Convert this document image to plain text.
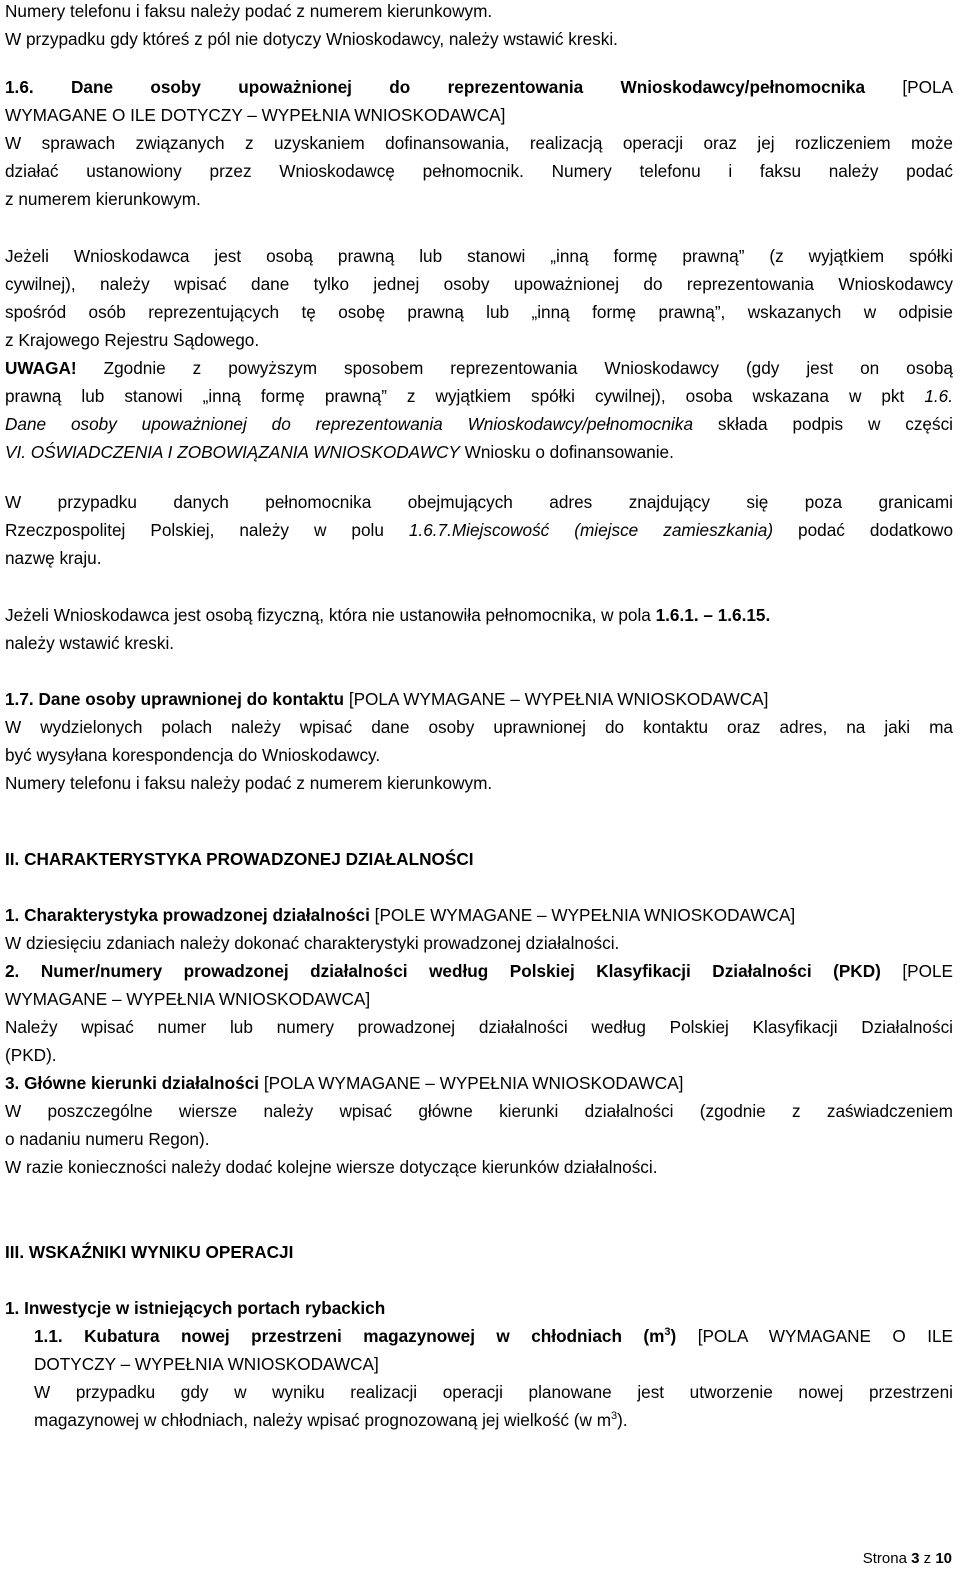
Numery telefonu i faksu należy podać z numerem kierunkowym.
W przypadku gdy któreś z pól nie dotyczy Wnioskodawcy, należy wstawić kreski.
1.6. Dane osoby upoważnionej do reprezentowania Wnioskodawcy/pełnomocnika [POLA
WYMAGANE O ILE DOTYCZY – WYPEŁNIA WNIOSKODAWCA]
W sprawach związanych z uzyskaniem dofinansowania, realizacją operacji oraz jej rozliczeniem może
działać ustanowiony przez Wnioskodawcę pełnomocnik. Numery telefonu i faksu należy podać
z numerem kierunkowym.
Jeżeli Wnioskodawca jest osobą prawną lub stanowi „inną formę prawną” (z wyjątkiem spółki
cywilnej), należy wpisać dane tylko jednej osoby upoważnionej do reprezentowania Wnioskodawcy
spośród osób reprezentujących tę osobę prawną lub „inną formę prawną”, wskazanych w odpisie
z Krajowego Rejestru Sądowego.
UWAGA! Zgodnie z powyższym sposobem reprezentowania Wnioskodawcy (gdy jest on osobą
prawną lub stanowi „inną formę prawną” z wyjątkiem spółki cywilnej), osoba wskazana w pkt 1.6.
Dane osoby upoważnionej do reprezentowania Wnioskodawcy/pełnomocnika składa podpis w części
VI. OŚWIADCZENIA I ZOBOWIĄZANIA WNIOSKODAWCY Wniosku o dofinansowanie.
W przypadku danych pełnomocnika obejmujących adres znajdujący się poza granicami
Rzeczpospolitej Polskiej, należy w polu 1.6.7.Miejscowość (miejsce zamieszkania) podać dodatkowo
nazwę kraju.
Jeżeli Wnioskodawca jest osobą fizyczną, która nie ustanowiła pełnomocnika, w pola 1.6.1. – 1.6.15.
należy wstawić kreski.
1.7. Dane osoby uprawnionej do kontaktu [POLA WYMAGANE – WYPEŁNIA WNIOSKODAWCA]
W wydzielonych polach należy wpisać dane osoby uprawnionej do kontaktu oraz adres, na jaki ma
być wysyłana korespondencja do Wnioskodawcy.
Numery telefonu i faksu należy podać z numerem kierunkowym.
II. CHARAKTERYSTYKA PROWADZONEJ DZIAŁALNOŚCI
1. Charakterystyka prowadzonej działalności [POLE WYMAGANE – WYPEŁNIA WNIOSKODAWCA]
W dziesięciu zdaniach należy dokonać charakterystyki prowadzonej działalności.
2. Numer/numery prowadzonej działalności według Polskiej Klasyfikacji Działalności (PKD) [POLE
WYMAGANE – WYPEŁNIA WNIOSKODAWCA]
Należy wpisać numer lub numery prowadzonej działalności według Polskiej Klasyfikacji Działalności
(PKD).
3. Główne kierunki działalności [POLA WYMAGANE – WYPEŁNIA WNIOSKODAWCA]
W poszczególne wiersze należy wpisać główne kierunki działalności (zgodnie z zaświadczeniem
o nadaniu numeru Regon).
W razie konieczności należy dodać kolejne wiersze dotyczące kierunków działalności.
III. WSKAŹNIKI WYNIKU OPERACJI
1. Inwestycje w istniejących portach rybackich
1.1. Kubatura nowej przestrzeni magazynowej w chłodniach $(m^3)$ [POLA WYMAGANE O ILE
DOTYCZY – WYPEŁNIA WNIOSKODAWCA]
W przypadku gdy w wyniku realizacji operacji planowane jest utworzenie nowej przestrzeni
magazynowej w chłodniach, należy wpisać prognozowaną jej wielkość (w $m^3$).
Strona 3 z 10
